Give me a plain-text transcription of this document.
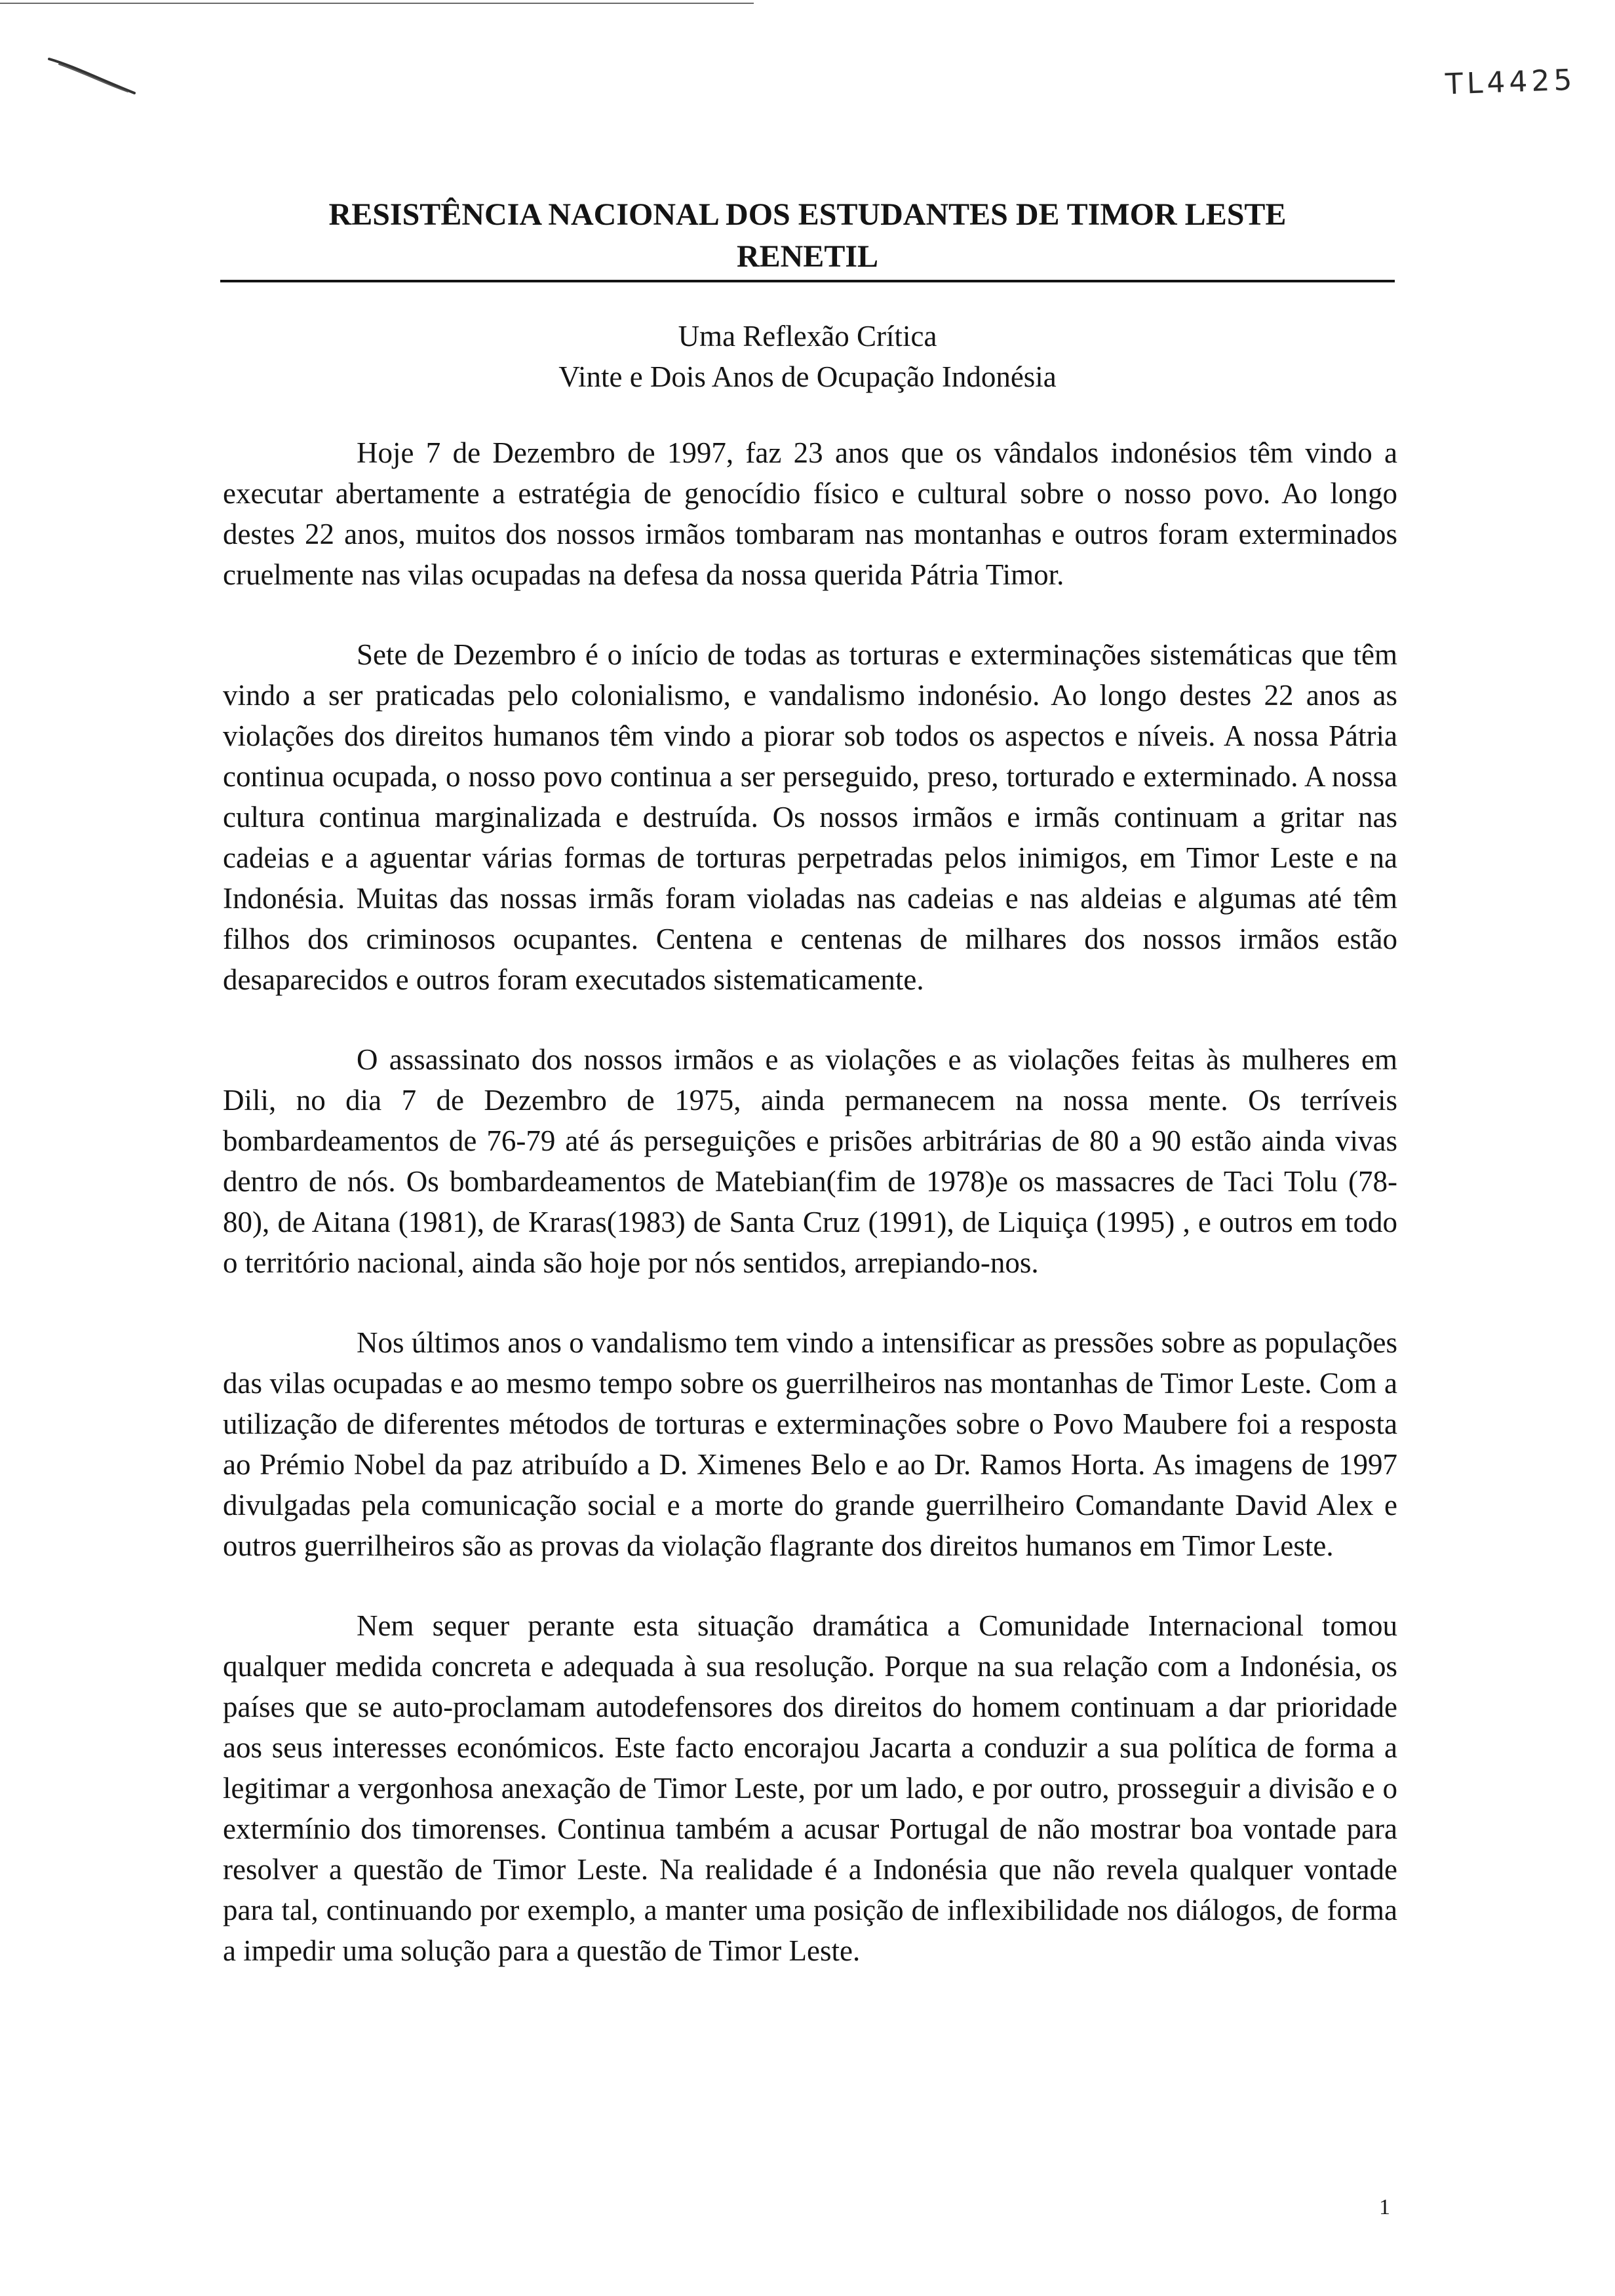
TL4425
RESISTÊNCIA NACIONAL DOS ESTUDANTES DE TIMOR LESTE
RENETIL
Uma Reflexão Crítica
Vinte e Dois Anos de Ocupação Indonésia

Hoje 7 de Dezembro de 1997, faz 23 anos que os vândalos indonésios têm vindo a executar abertamente a estratégia de genocídio físico e cultural sobre o nosso povo. Ao longo destes 22 anos, muitos dos nossos irmãos tombaram nas montanhas e outros foram exterminados cruelmente nas vilas ocupadas na defesa da nossa querida Pátria Timor.

Sete de Dezembro é o início de todas as torturas e exterminações sistemáticas que têm vindo a ser praticadas pelo colonialismo, e vandalismo indonésio. Ao longo destes 22 anos as violações dos direitos humanos têm vindo a piorar sob todos os aspectos e níveis. A nossa Pátria continua ocupada, o nosso povo continua a ser perseguido, preso, torturado e exterminado. A nossa cultura continua marginalizada e destruída. Os nossos irmãos e irmãs continuam a gritar nas cadeias e a aguentar várias formas de torturas perpetradas pelos inimigos, em Timor Leste e na Indonésia. Muitas das nossas irmãs foram violadas nas cadeias e nas aldeias e algumas até têm filhos dos criminosos ocupantes. Centena e centenas de milhares dos nossos irmãos estão desaparecidos e outros foram executados sistematicamente.

O assassinato dos nossos irmãos e as violações e as violações feitas às mulheres em Dili, no dia 7 de Dezembro de 1975, ainda permanecem na nossa mente. Os terríveis bombardeamentos de 76-79 até ás perseguições e prisões arbitrárias de 80 a 90 estão ainda vivas dentro de nós. Os bombardeamentos de Matebian(fim de 1978)e os massacres de Taci Tolu (78-80), de Aitana (1981), de Kraras(1983) de Santa Cruz (1991), de Liquiça (1995) , e outros em todo o território nacional, ainda são hoje por nós sentidos, arrepiando-nos.

Nos últimos anos o vandalismo tem vindo a intensificar as pressões sobre as populações das vilas ocupadas e ao mesmo tempo sobre os guerrilheiros nas montanhas de Timor Leste. Com a utilização de diferentes métodos de torturas e exterminações sobre o Povo Maubere foi a resposta ao Prémio Nobel da paz atribuído a D. Ximenes Belo e ao Dr. Ramos Horta. As imagens de 1997 divulgadas pela comunicação social e a morte do grande guerrilheiro Comandante David Alex e outros guerrilheiros são as provas da violação flagrante dos direitos humanos em Timor Leste.

Nem sequer perante esta situação dramática a Comunidade Internacional tomou qualquer medida concreta e adequada à sua resolução. Porque na sua relação com a Indonésia, os países que se auto-proclamam autodefensores dos direitos do homem continuam a dar prioridade aos seus interesses económicos. Este facto encorajou Jacarta a conduzir a sua política de forma a legitimar a vergonhosa anexação de Timor Leste, por um lado, e por outro, prosseguir a divisão e o extermínio dos timorenses. Continua também a acusar Portugal de não mostrar boa vontade para resolver a questão de Timor Leste. Na realidade é a Indonésia que não revela qualquer vontade para tal, continuando por exemplo, a manter uma posição de inflexibilidade nos diálogos, de forma a impedir uma solução para a questão de Timor Leste.

1
